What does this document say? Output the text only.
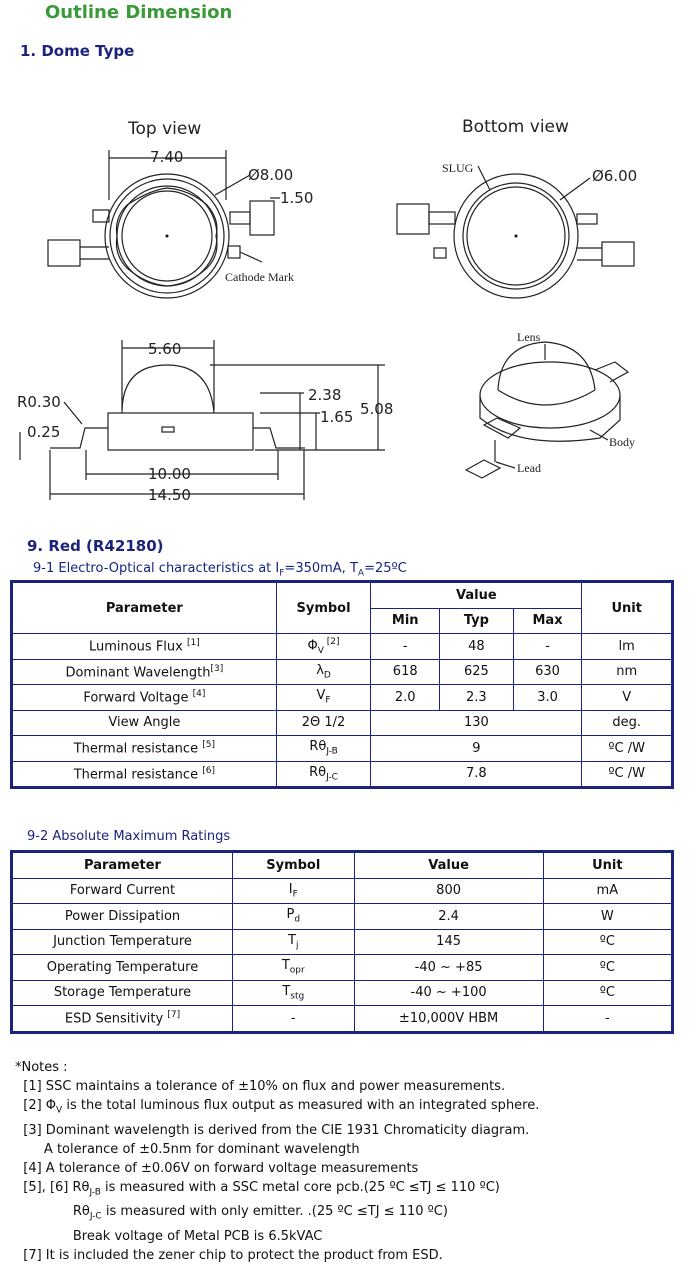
Outline Dimension
1. Dome Type
Top view	Bottom view
7.40
Ø8.00
1.50
Cathode Mark
SLUG	Ø6.00
5.60
2.38
1.65 5.08
R0.30
0.25
10.00
14.50
Lens
Body
Lead
9. Red (R42180)
9-1 Electro-Optical characteristics at $I_F=350mA$, $T_A=25ºC$
Parameter	Symbol	Value			Unit
		Min	Typ	Max	
Luminous Flux [1]	$\Phi_V$ [2]	-	48	-	lm
Dominant Wavelength[3]	$\lambda_D$	618	625	630	nm
Forward Voltage [4]	$V_F$	2.0	2.3	3.0	V
View Angle	2Θ 1/2	130			deg.
Thermal resistance [5]	$R\theta_{J-B}$	9			ºC /W
Thermal resistance [6]	$R\theta_{J-C}$	7.8			ºC /W
9-2 Absolute Maximum Ratings
Parameter	Symbol	Value	Unit
Forward Current	$I_F$	800	mA
Power Dissipation	$P_d$	2.4	W
Junction Temperature	$T_j$	145	ºC
Operating Temperature	$T_{opr}$	-40 ~ +85	ºC
Storage Temperature	$T_{stg}$	-40 ~ +100	ºC
ESD Sensitivity [7]	-	±10,000V HBM	-
*Notes :
[1] SSC maintains a tolerance of ±10% on flux and power measurements.
[2] $\Phi_V$ is the total luminous flux output as measured with an integrated sphere.
[3] Dominant wavelength is derived from the CIE 1931 Chromaticity diagram.
A tolerance of ±0.5nm for dominant wavelength
[4] A tolerance of ±0.06V on forward voltage measurements
[5], [6] $R\theta_{J-B}$ is measured with a SSC metal core pcb.(25 ºC ≤TJ ≤ 110 ºC)
$R\theta_{J-C}$ is measured with only emitter. .(25 ºC ≤TJ ≤ 110 ºC)
Break voltage of Metal PCB is 6.5kVAC
[7] It is included the zener chip to protect the product from ESD.
